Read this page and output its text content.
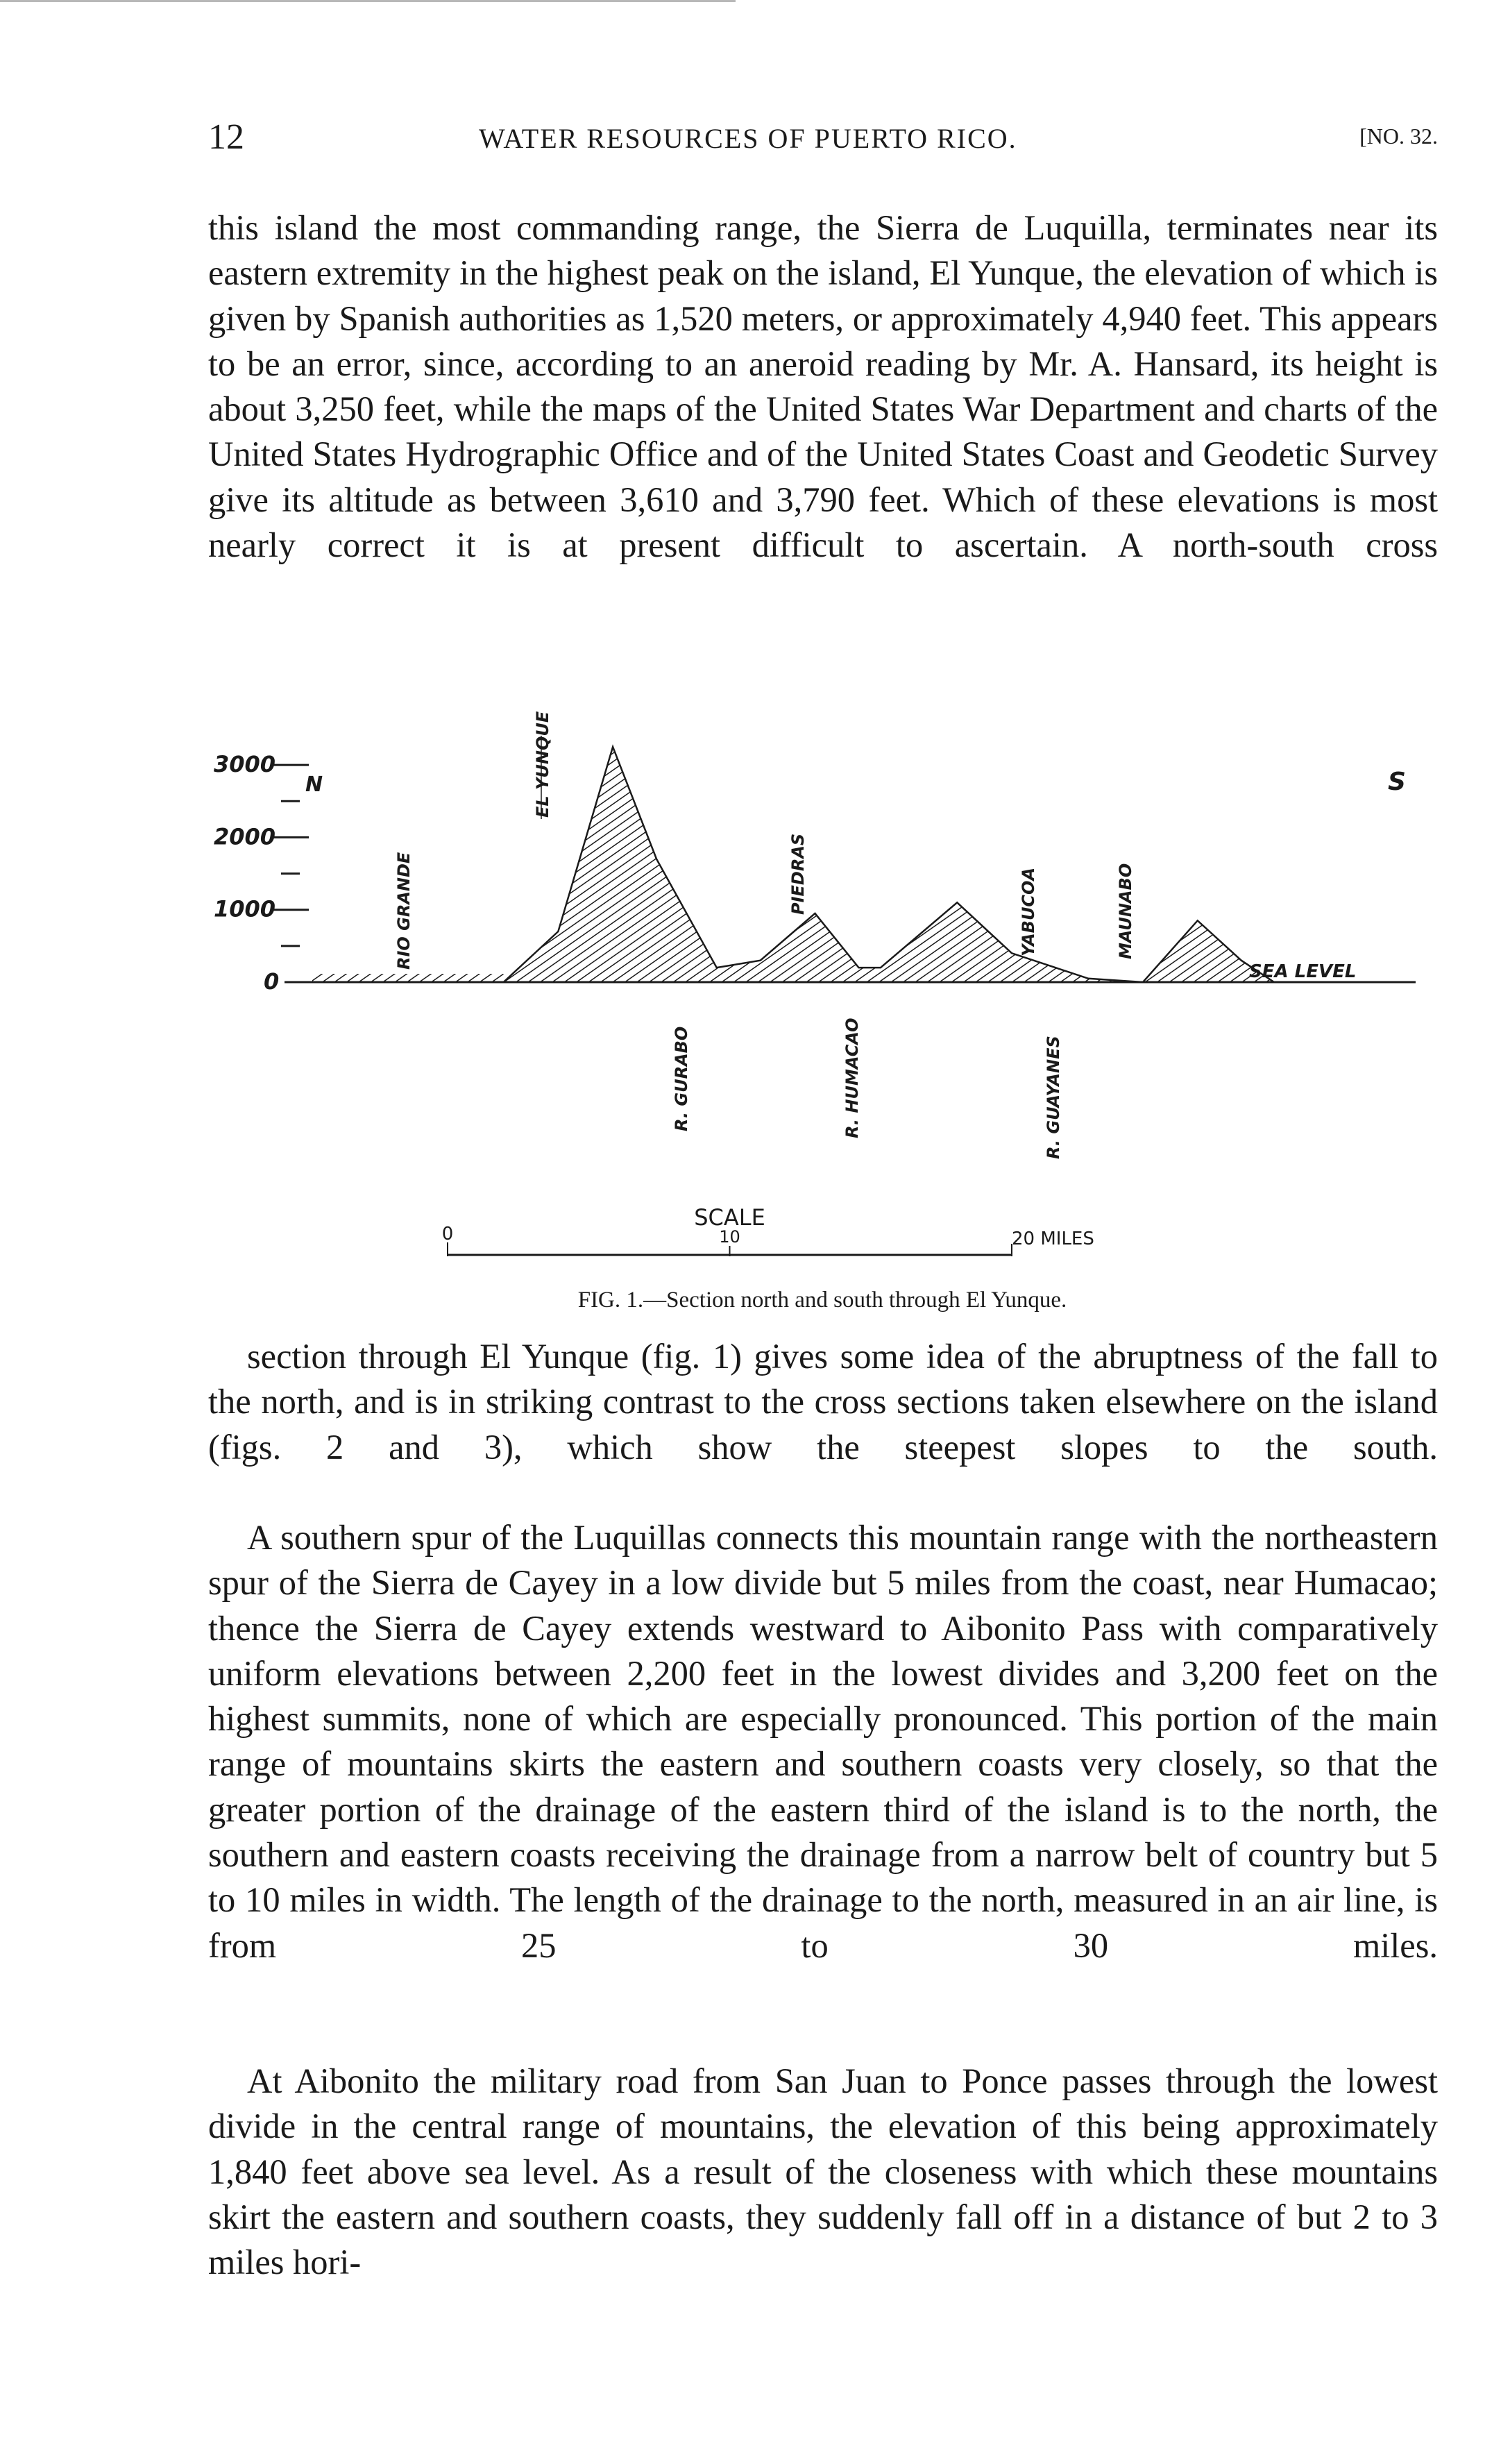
12	WATER RESOURCES OF PUERTO RICO.	[NO. 32.

this island the most commanding range, the Sierra de Luquilla, terminates near its eastern extremity in the highest peak on the island, El Yunque, the elevation of which is given by Spanish authorities as 1,520 meters, or approximately 4,940 feet. This appears to be an error, since, according to an aneroid reading by Mr. A. Hansard, its height is about 3,250 feet, while the maps of the United States War Department and charts of the United States Hydrographic Office and of the United States Coast and Geodetic Survey give its altitude as between 3,610 and 3,790 feet. Which of these elevations is most nearly correct it is at present difficult to ascertain. A north-south cross

0
1000
2000
3000
N	S
RIO GRANDE
EL YUNQUE
PIEDRAS	YABUCOA	MAUNABO
SEA LEVEL
R. GURABO	R. HUMACAO	R. GUAYANES
SCALE
0	10	20 MILES
FIG. 1.—Section north and south through El Yunque.

section through El Yunque (fig. 1) gives some idea of the abruptness of the fall to the north, and is in striking contrast to the cross sections taken elsewhere on the island (figs. 2 and 3), which show the steepest slopes to the south.

A southern spur of the Luquillas connects this mountain range with the northeastern spur of the Sierra de Cayey in a low divide but 5 miles from the coast, near Humacao; thence the Sierra de Cayey extends westward to Aibonito Pass with comparatively uniform elevations between 2,200 feet in the lowest divides and 3,200 feet on the highest summits, none of which are especially pronounced. This portion of the main range of mountains skirts the eastern and southern coasts very closely, so that the greater portion of the drainage of the eastern third of the island is to the north, the southern and eastern coasts receiving the drainage from a narrow belt of country but 5 to 10 miles in width. The length of the drainage to the north, measured in an air line, is from 25 to 30 miles.

At Aibonito the military road from San Juan to Ponce passes through the lowest divide in the central range of mountains, the elevation of this being approximately 1,840 feet above sea level. As a result of the closeness with which these mountains skirt the eastern and southern coasts, they suddenly fall off in a distance of but 2 to 3 miles hori-
